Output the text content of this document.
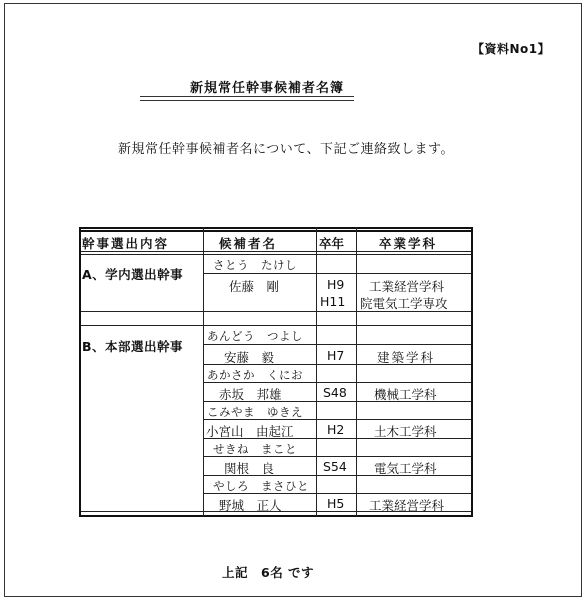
【資料No1】
新規常任幹事候補者名簿
新規常任幹事候補者名について、下記ご連絡致します。
幹事選出内容	候補者名	卒年	卒業学科
A、学内選出幹事
さとう　たけし
佐藤　剛	H9 工業経営学科
H11 院電気工学専攻
B、本部選出幹事
あんどう　つよし
安藤　毅	H7	建築学科
あかさか　くにお
赤坂　邦雄	S48 機械工学科
こみやま　ゆきえ
小宮山　由起江	H2 土木工学科
せきね　まこと
関根　良	S54 電気工学科
やしろ　まさひと
野城　正人	H5 工業経営学科
上記　6名 です
